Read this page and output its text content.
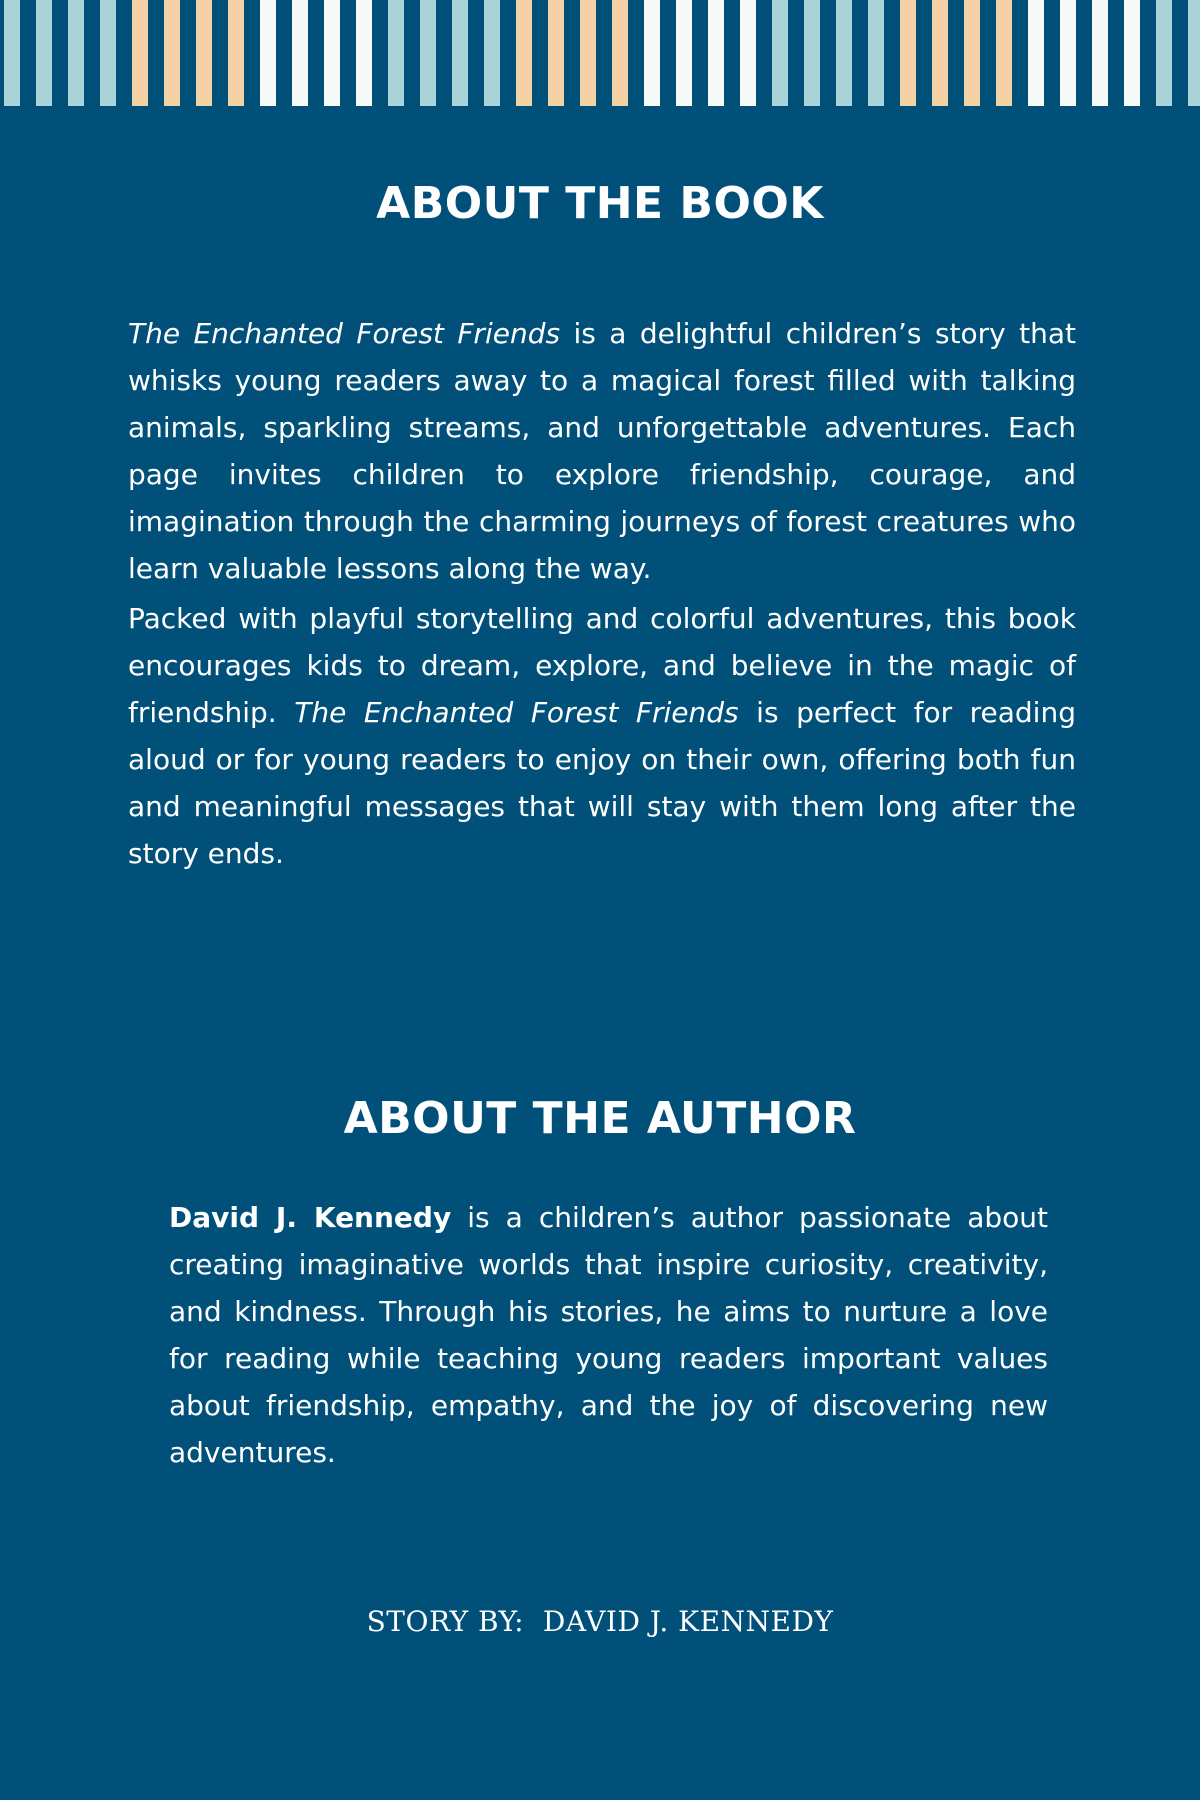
ABOUT THE BOOK

The Enchanted Forest Friends is a delightful children’s story that whisks young readers away to a magical forest filled with talking animals, sparkling streams, and unforgettable adventures. Each page invites children to explore friendship, courage, and imagination through the charming journeys of forest creatures who learn valuable lessons along the way.

Packed with playful storytelling and colorful adventures, this book encourages kids to dream, explore, and believe in the magic of friendship. The Enchanted Forest Friends is perfect for reading aloud or for young readers to enjoy on their own, offering both fun and meaningful messages that will stay with them long after the story ends.

ABOUT THE AUTHOR

David J. Kennedy is a children’s author passionate about creating imaginative worlds that inspire curiosity, creativity, and kindness. Through his stories, he aims to nurture a love for reading while teaching young readers important values about friendship, empathy, and the joy of discovering new adventures.

STORY BY:  DAVID J. KENNEDY
